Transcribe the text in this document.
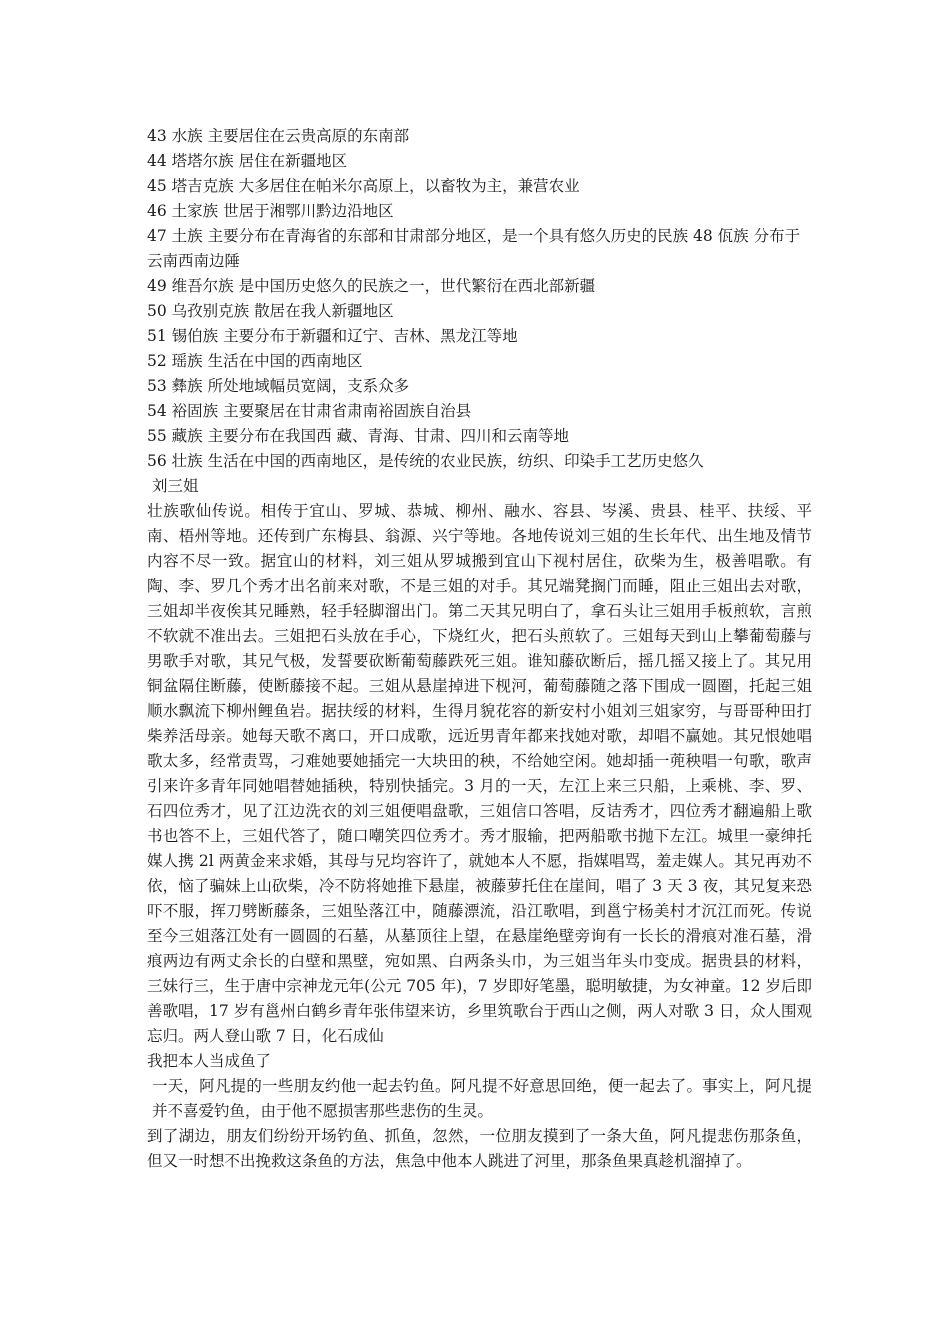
43 水族 主要居住在云贵高原的东南部
44 塔塔尔族 居住在新疆地区
45 塔吉克族 大多居住在帕米尔高原上，以畜牧为主，兼营农业
46 土家族 世居于湘鄂川黔边沿地区
47 土族 主要分布在青海省的东部和甘肃部分地区，是一个具有悠久历史的民族 48 佤族 分布于云南西南边陲
49 维吾尔族 是中国历史悠久的民族之一，世代繁衍在西北部新疆
50 乌孜别克族 散居在我人新疆地区
51 锡伯族 主要分布于新疆和辽宁、吉林、黑龙江等地
52 瑶族 生活在中国的西南地区
53 彝族 所处地域幅员宽阔，支系众多
54 裕固族 主要聚居在甘肃省肃南裕固族自治县
55 藏族 主要分布在我国西 藏、青海、甘肃、四川和云南等地
56 壮族 生活在中国的西南地区，是传统的农业民族，纺织、印染手工艺历史悠久
刘三姐

壮族歌仙传说。相传于宜山、罗城、恭城、柳州、融水、容县、岑溪、贵县、桂平、扶绥、平南、梧州等地。还传到广东梅县、翁源、兴宁等地。各地传说刘三姐的生长年代、出生地及情节内容不尽一致。据宜山的材料，刘三姐从罗城搬到宜山下视村居住，砍柴为生，极善唱歌。有陶、李、罗几个秀才出名前来对歌，不是三姐的对手。其兄端凳搁门而睡，阻止三姐出去对歌，三姐却半夜俟其兄睡熟，轻手轻脚溜出门。第二天其兄明白了，拿石头让三姐用手板煎软，言煎不软就不准出去。三姐把石头放在手心，下烧红火，把石头煎软了。三姐每天到山上攀葡萄藤与男歌手对歌，其兄气极，发誓要砍断葡萄藤跌死三姐。谁知藤砍断后，摇几摇又接上了。其兄用铜盆隔住断藤，使断藤接不起。三姐从悬崖掉进下枧河，葡萄藤随之落下围成一圆圈，托起三姐顺水飘流下柳州鲤鱼岩。据扶绥的材料，生得月貌花容的新安村小姐刘三姐家穷，与哥哥种田打柴养活母亲。她每天歌不离口，开口成歌，远近男青年都来找她对歌，却唱不赢她。其兄恨她唱歌太多，经常责骂，刁难她要她插完一大块田的秧，不给她空闲。她却插一蔸秧唱一句歌，歌声引来许多青年同她唱替她插秧，特别快插完。3 月的一天，左江上来三只船，上乘桃、李、罗、石四位秀才，见了江边洗衣的刘三姐便唱盘歌，三姐信口答唱，反诘秀才，四位秀才翻遍船上歌书也答不上，三姐代答了，随口嘲笑四位秀才。秀才服输，把两船歌书抛下左江。城里一豪绅托媒人携 2l 两黄金来求婚，其母与兄均容许了，就她本人不愿，指媒唱骂，羞走媒人。其兄再劝不依，恼了骗妹上山砍柴，冷不防将她推下悬崖，被藤萝托住在崖间，唱了 3 天 3 夜，其兄复来恐吓不服，挥刀劈断藤条，三姐坠落江中，随藤漂流，沿江歌唱，到邕宁杨美村才沉江而死。传说至今三姐落江处有一圆圆的石墓，从墓顶往上望，在悬崖绝壁旁询有一长长的滑痕对准石墓，滑痕两边有两丈余长的白壁和黑壁，宛如黑、白两条头巾，为三姐当年头巾变成。据贵县的材料，三妹行三，生于唐中宗神龙元年(公元 705 年)，7 岁即好笔墨，聪明敏捷，为女神童。12 岁后即善歌唱，17 岁有邕州白鹤乡青年张伟望来访，乡里筑歌台于西山之侧，两人对歌 3 日，众人围观忘归。两人登山歌 7 日，化石成仙

我把本人当成鱼了

一天，阿凡提的一些朋友约他一起去钓鱼。阿凡提不好意思回绝，便一起去了。事实上，阿凡提并不喜爱钓鱼，由于他不愿损害那些悲伤的生灵。

到了湖边，朋友们纷纷开场钓鱼、抓鱼，忽然，一位朋友摸到了一条大鱼，阿凡提悲伤那条鱼，但又一时想不出挽救这条鱼的方法，焦急中他本人跳进了河里，那条鱼果真趁机溜掉了。
